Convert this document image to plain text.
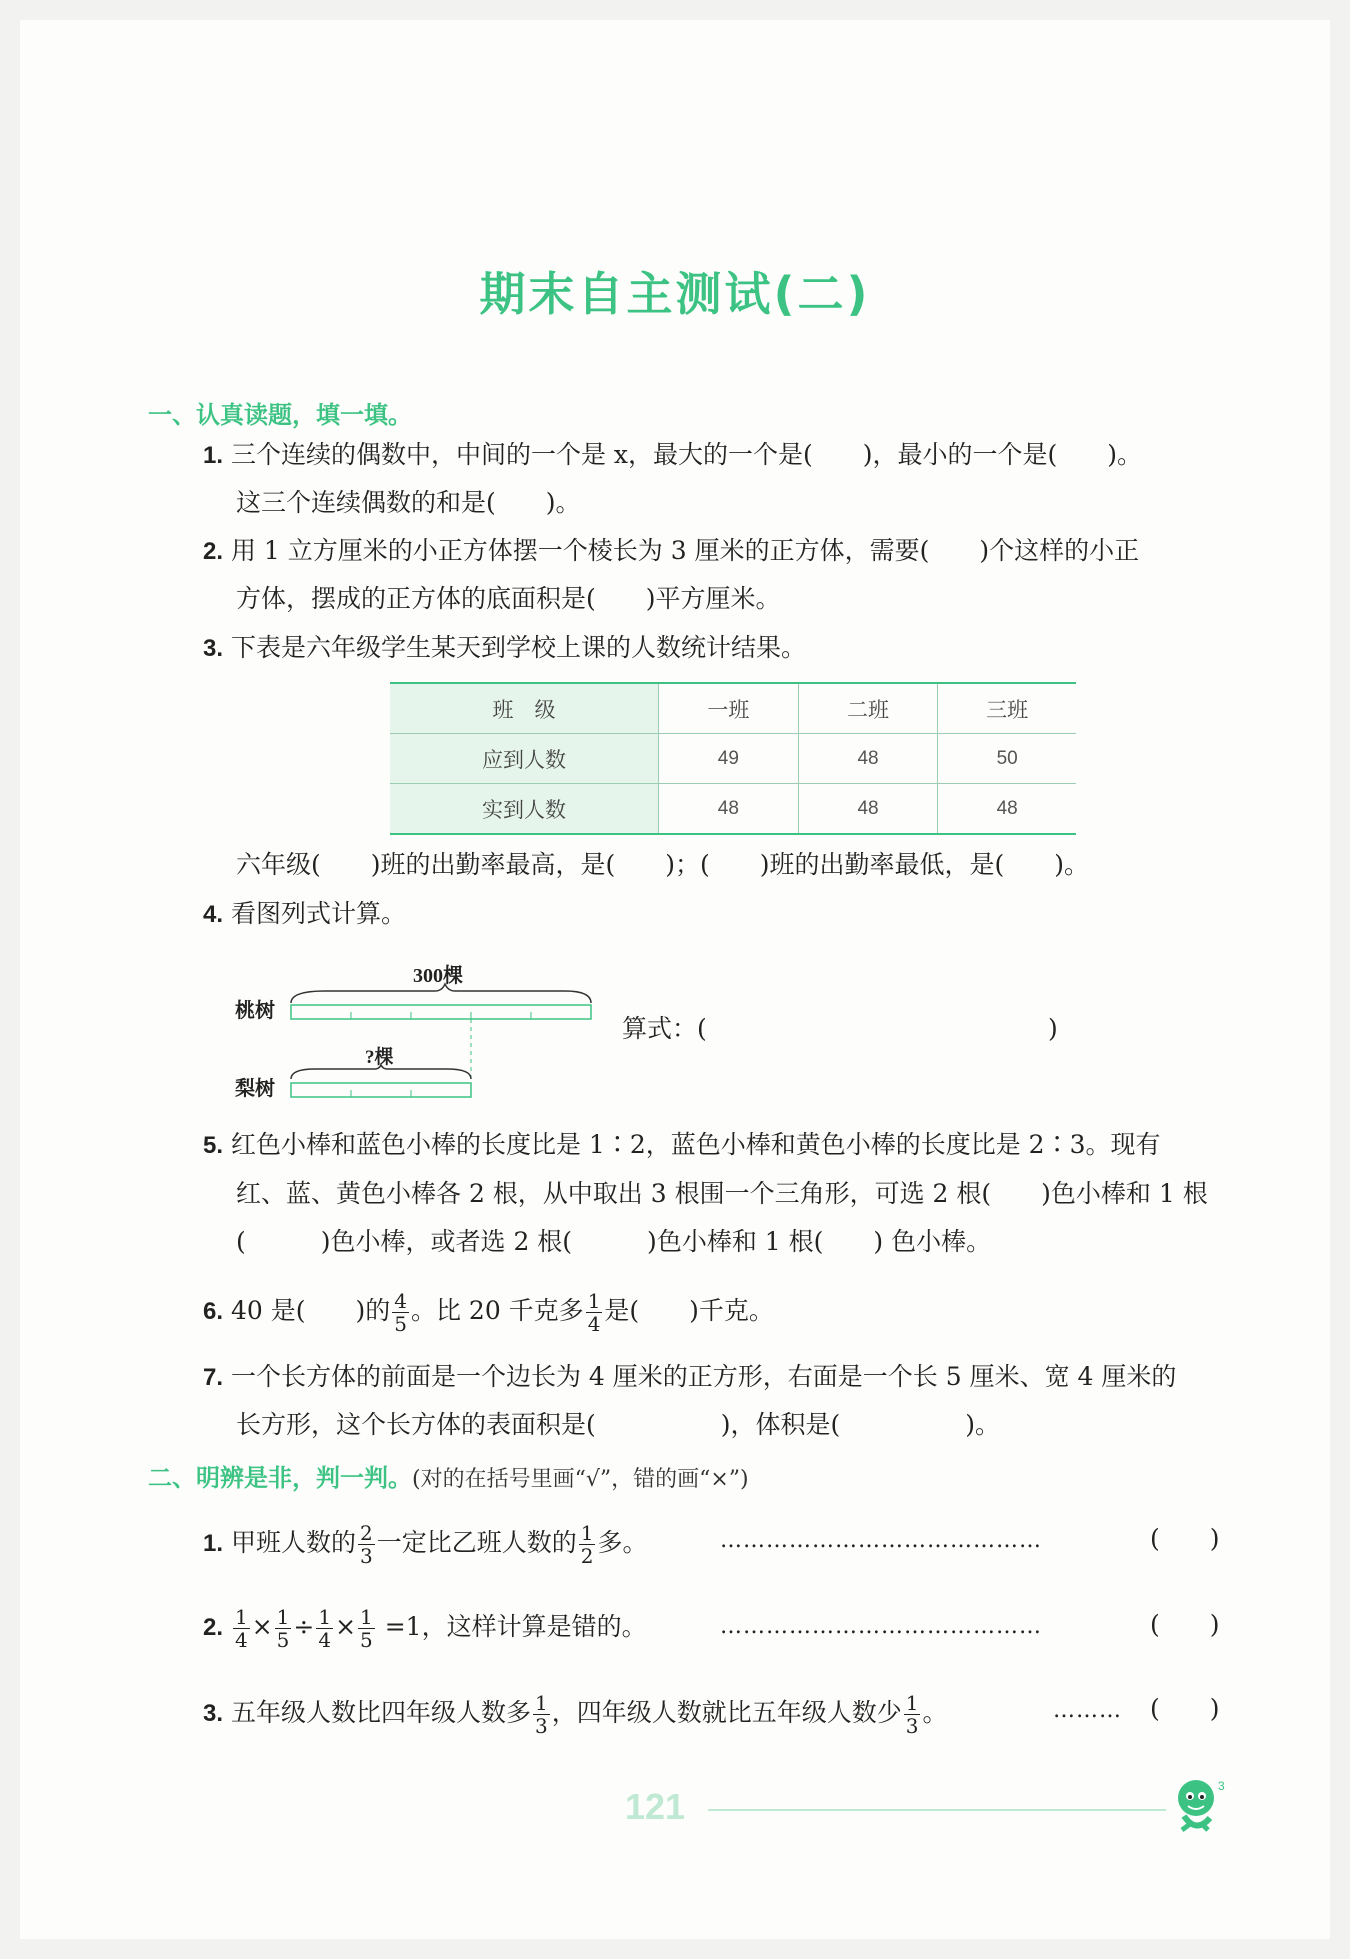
期末自主测试(二)
一、认真读题，填一填。
1. 三个连续的偶数中，中间的一个是 x，最大的一个是(　　)，最小的一个是(　　)。
这三个连续偶数的和是(　　)。
2. 用 1 立方厘米的小正方体摆一个棱长为 3 厘米的正方体，需要(　　)个这样的小正
方体，摆成的正方体的底面积是(　　)平方厘米。
3. 下表是六年级学生某天到学校上课的人数统计结果。
班　级	一班	二班	三班
应到人数	49	48	50
实到人数	48	48	48
六年级(　　)班的出勤率最高，是(　　)；(　　)班的出勤率最低，是(　　)。
4. 看图列式计算。
300棵
桃树
?棵
梨树
算式：(	)
5. 红色小棒和蓝色小棒的长度比是 1∶2，蓝色小棒和黄色小棒的长度比是 2∶3。现有
红、蓝、黄色小棒各 2 根，从中取出 3 根围一个三角形，可选 2 根(　　)色小棒和 1 根
(　　　)色小棒，或者选 2 根(　　　)色小棒和 1 根(　　) 色小棒。
6. 40 是(　　)的 $\frac{4}{5}$ 。比 20 千克多 $\frac{1}{4}$ 是(　　)千克。
7. 一个长方体的前面是一个边长为 4 厘米的正方形，右面是一个长 5 厘米、宽 4 厘米的
长方形，这个长方体的表面积是(　　　　　)，体积是(　　　　　)。
二、明辨是非，判一判。(对的在括号里画“√”，错的画“×”)
1. 甲班人数的 $\frac{2}{3}$ 一定比乙班人数的 $\frac{1}{2}$ 多。	……………………………………	(　　)
2. $\frac{1}{4} \times \frac{1}{5} \div \frac{1}{4} \times \frac{1}{5} =1$，这样计算是错的。	……………………………………	(　　)
3. 五年级人数比四年级人数多 $\frac{1}{3}$ ，四年级人数就比五年级人数少 $\frac{1}{3}$ 。	……… (　　)
121	3
